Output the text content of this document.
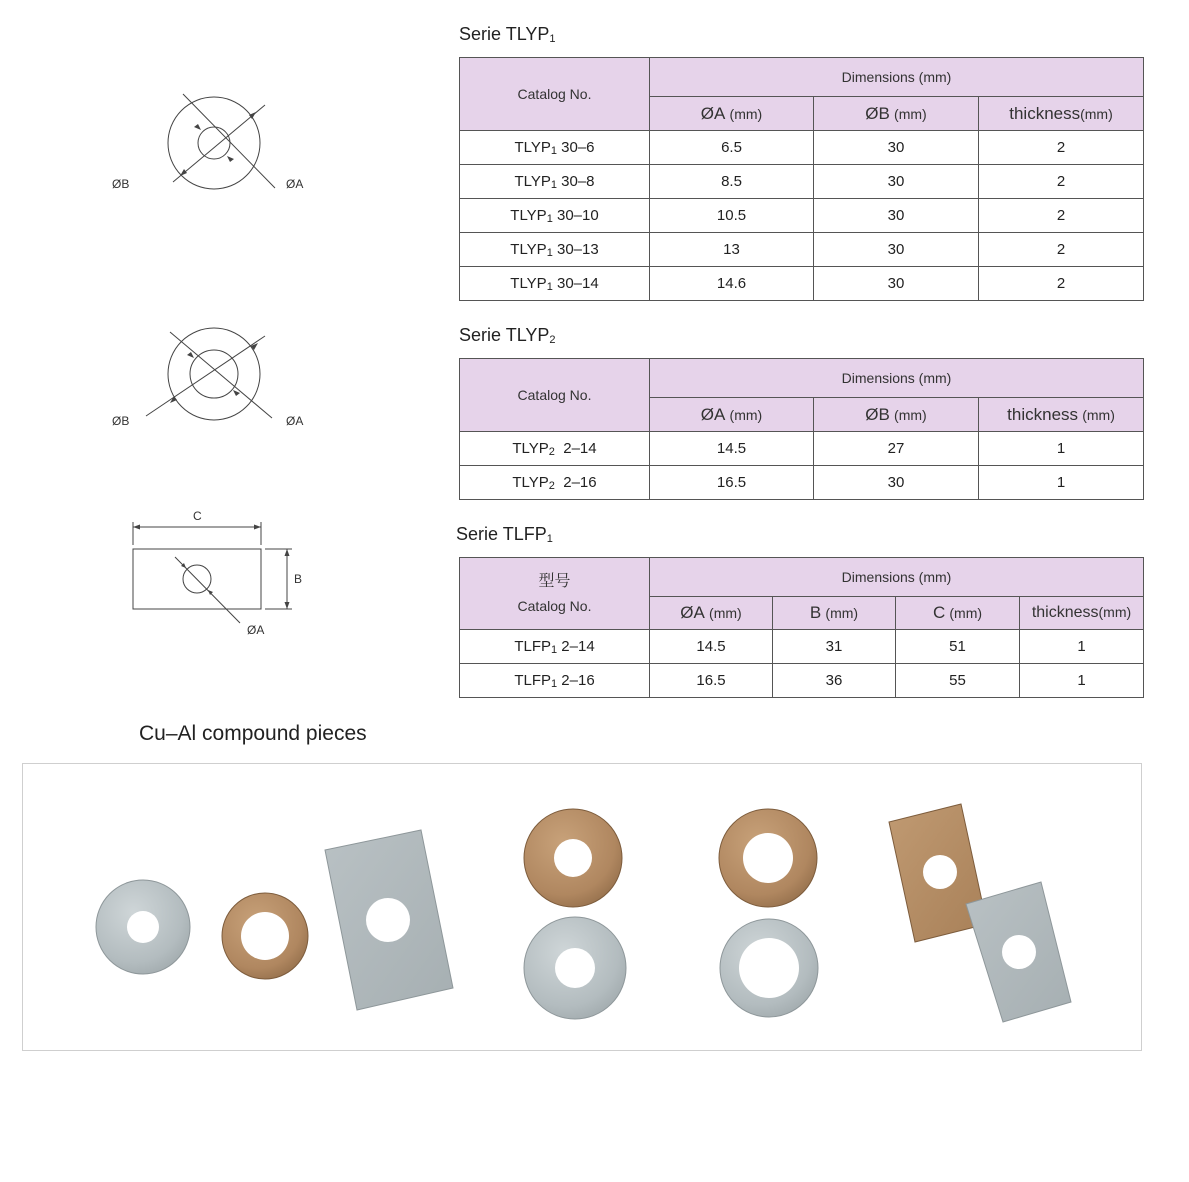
ØB	ØA
ØB	ØA
C
B
ØA
Serie TLYP1
Catalog No.	Dimensions (mm)		
	ØA (mm)	ØB (mm)	thickness(mm)
TLYP1 30–6	6.5	30	2
TLYP1 30–8	8.5	30	2
TLYP1 30–10	10.5	30	2
TLYP1 30–13	13	30	2
TLYP1 30–14	14.6	30	2
Serie TLYP2
Catalog No.	Dimensions (mm)		
	ØA (mm)	ØB (mm)	thickness (mm)
TLYP2  2–14	14.5	27	1
TLYP2  2–16	16.5	30	1
Serie TLFP1
型号
Catalog No.	Dimensions (mm)			
	ØA (mm)	B (mm)	C (mm)	thickness(mm)
TLFP1 2–14	14.5	31	51	1
TLFP1 2–16	16.5	36	55	1
Cu–Al compound pieces
